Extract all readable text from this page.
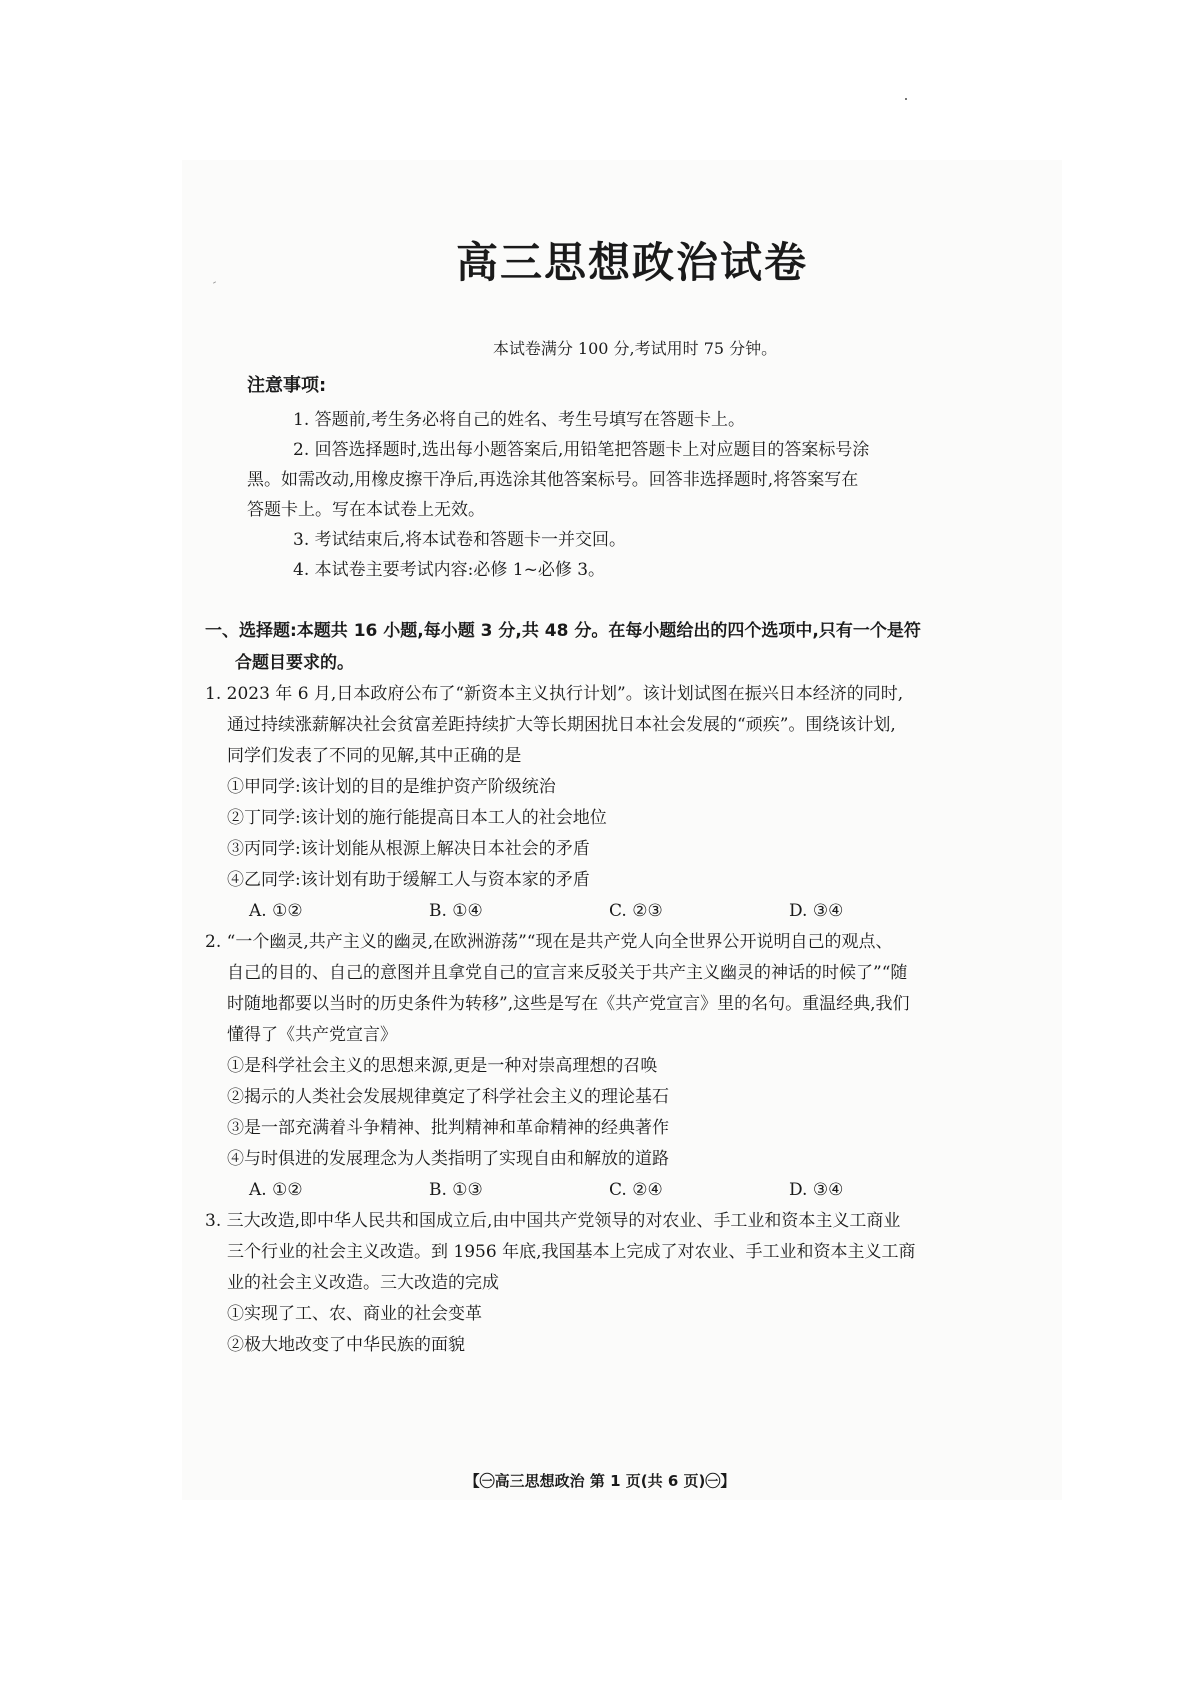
高三思想政治试卷

本试卷满分 100 分,考试用时 75 分钟。

注意事项:

1. 答题前,考生务必将自己的姓名、考生号填写在答题卡上。

2. 回答选择题时,选出每小题答案后,用铅笔把答题卡上对应题目的答案标号涂

黑。如需改动,用橡皮擦干净后,再选涂其他答案标号。回答非选择题时,将答案写在

答题卡上。写在本试卷上无效。

3. 考试结束后,将本试卷和答题卡一并交回。

4. 本试卷主要考试内容:必修 1~必修 3。

一、选择题:本题共 16 小题,每小题 3 分,共 48 分。在每小题给出的四个选项中,只有一个是符
合题目要求的。
1. 2023 年 6 月,日本政府公布了“新资本主义执行计划”。该计划试图在振兴日本经济的同时,
通过持续涨薪解决社会贫富差距持续扩大等长期困扰日本社会发展的“顽疾”。围绕该计划,
同学们发表了不同的见解,其中正确的是
①甲同学:该计划的目的是维护资产阶级统治
②丁同学:该计划的施行能提高日本工人的社会地位
③丙同学:该计划能从根源上解决日本社会的矛盾
④乙同学:该计划有助于缓解工人与资本家的矛盾
A. ①②	B. ①④	C. ②③	D. ③④
2. “一个幽灵,共产主义的幽灵,在欧洲游荡”“现在是共产党人向全世界公开说明自己的观点、
自己的目的、自己的意图并且拿党自己的宣言来反驳关于共产主义幽灵的神话的时候了”“随
时随地都要以当时的历史条件为转移”,这些是写在《共产党宣言》里的名句。重温经典,我们
懂得了《共产党宣言》
①是科学社会主义的思想来源,更是一种对崇高理想的召唤
②揭示的人类社会发展规律奠定了科学社会主义的理论基石
③是一部充满着斗争精神、批判精神和革命精神的经典著作
④与时俱进的发展理念为人类指明了实现自由和解放的道路
A. ①②	B. ①③	C. ②④	D. ③④
3. 三大改造,即中华人民共和国成立后,由中国共产党领导的对农业、手工业和资本主义工商业
三个行业的社会主义改造。到 1956 年底,我国基本上完成了对农业、手工业和资本主义工商
业的社会主义改造。三大改造的完成
①实现了工、农、商业的社会变革
②极大地改变了中华民族的面貌
【㊀高三思想政治 第 1 页(共 6 页)㊀】
